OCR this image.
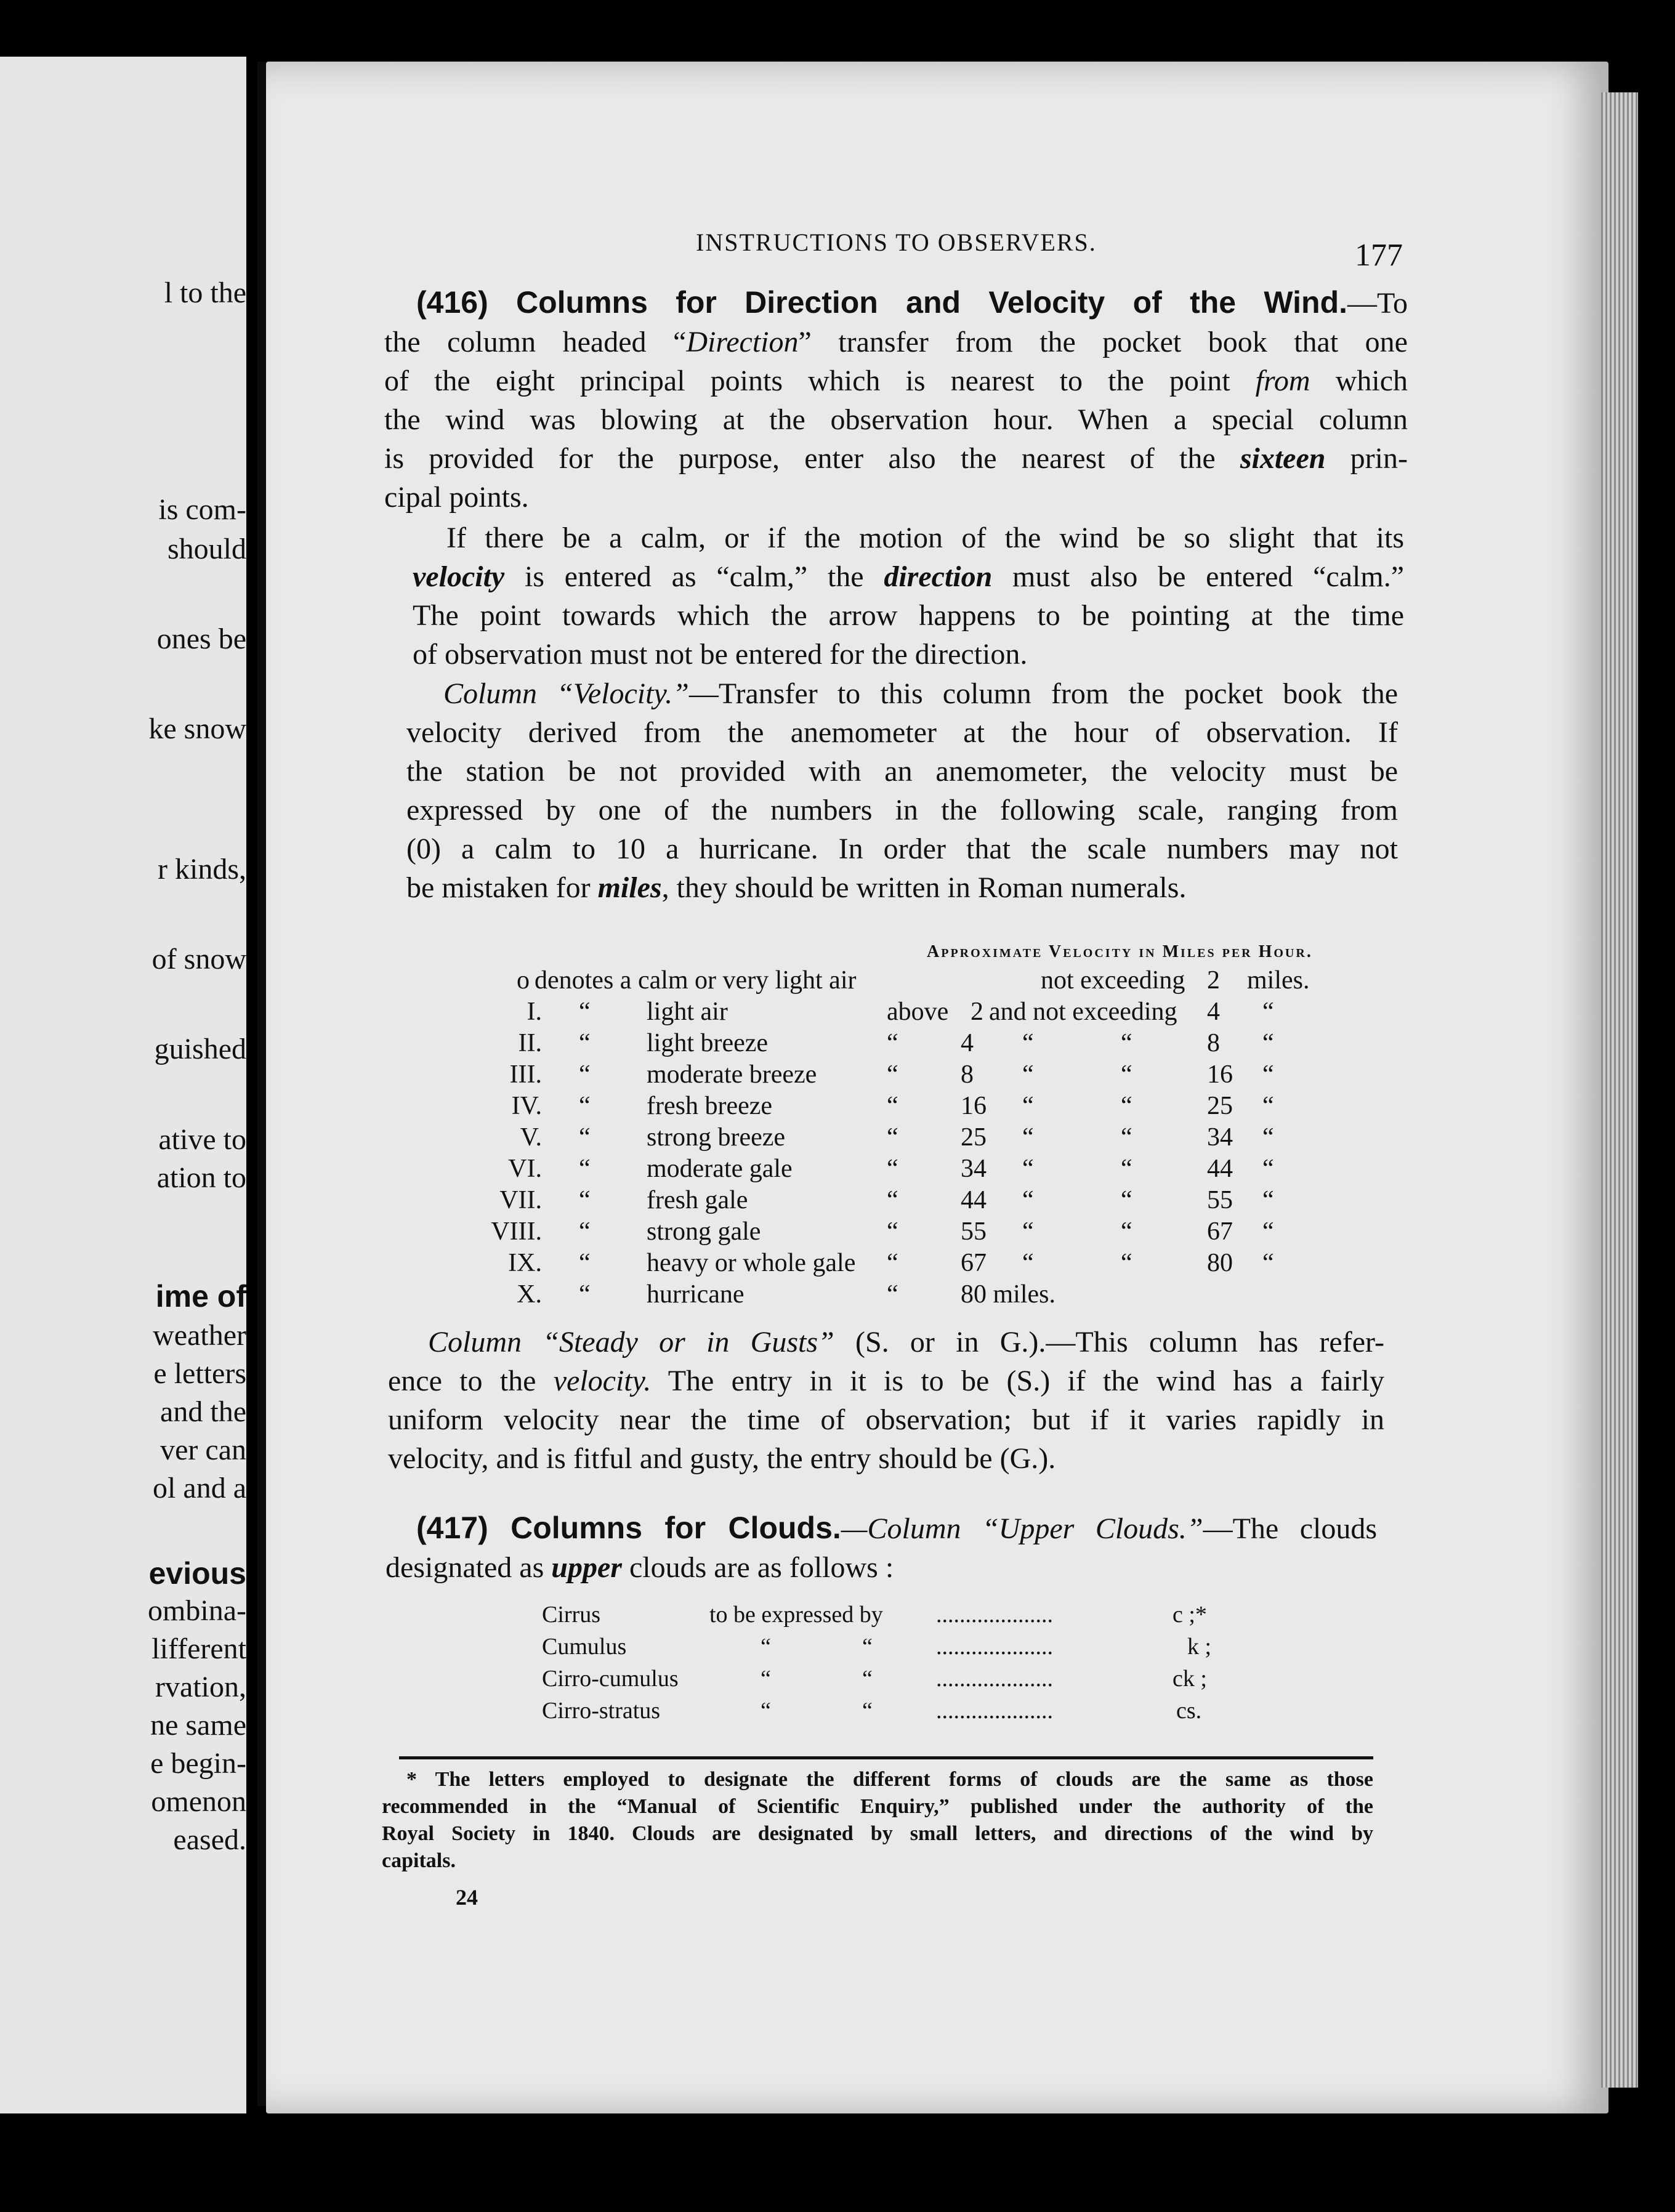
l to the
is com-
should
ones be
ke snow
r kinds,
of snow
guished
ative to
ation to
ime of
weather
e letters
and the
ver can
ol and a
evious
ombina-
lifferent
rvation,
ne same
e begin-
omenon
eased.
INSTRUCTIONS TO OBSERVERS.	177
(416) Columns for Direction and Velocity of the Wind.—To
the column headed “Direction” transfer from the pocket book that one
of the eight principal points which is nearest to the point from which
the wind was blowing at the observation hour. When a special column
is provided for the purpose, enter also the nearest of the sixteen prin-
cipal points.
If there be a calm, or if the motion of the wind be so slight that its
velocity is entered as “calm,” the direction must also be entered “calm.”
The point towards which the arrow happens to be pointing at the time
of observation must not be entered for the direction.
Column “Velocity.”—Transfer to this column from the pocket book the
velocity derived from the anemometer at the hour of observation. If
the station be not provided with an anemometer, the velocity must be
expressed by one of the numbers in the following scale, ranging from
(0) a calm to 10 a hurricane. In order that the scale numbers may not
be mistaken for miles, they should be written in Roman numerals.
Approximate Velocity in Miles per Hour.
o denotes a calm or very light air	not exceeding 2 miles.
I. “ light air	above 2 and not exceeding 4 “
II. “ light breeze	“ 4 “	“	8 “
III. “ moderate breeze	“ 8 “	“	16 “
IV. “ fresh breeze	“ 16 “	“	25 “
V. “ strong breeze	“ 25 “	“	34 “
VI. “ moderate gale	“ 34 “	“	44 “
VII. “ fresh gale	“ 44 “	“	55 “
VIII. “ strong gale	“ 55 “	“	67 “
IX. “ heavy or whole gale “ 67 “	“	80 “
X. “ hurricane	“ 80 miles.
Column “Steady or in Gusts” (S. or in G.).—This column has refer-
ence to the velocity. The entry in it is to be (S.) if the wind has a fairly
uniform velocity near the time of observation; but if it varies rapidly in
velocity, and is fitful and gusty, the entry should be (G.).
(417) Columns for Clouds.—Column “Upper Clouds.”—The clouds
designated as upper clouds are as follows :
Cirrus	to be expressed by ....................	c ;*
Cumulus	“	“	....................	k ;
Cirro-cumulus	“	“	....................	ck ;
Cirro-stratus	“	“	....................	cs.
* The letters employed to designate the different forms of clouds are the same as those
recommended in the “Manual of Scientific Enquiry,” published under the authority of the
Royal Society in 1840. Clouds are designated by small letters, and directions of the wind by
capitals.
24
